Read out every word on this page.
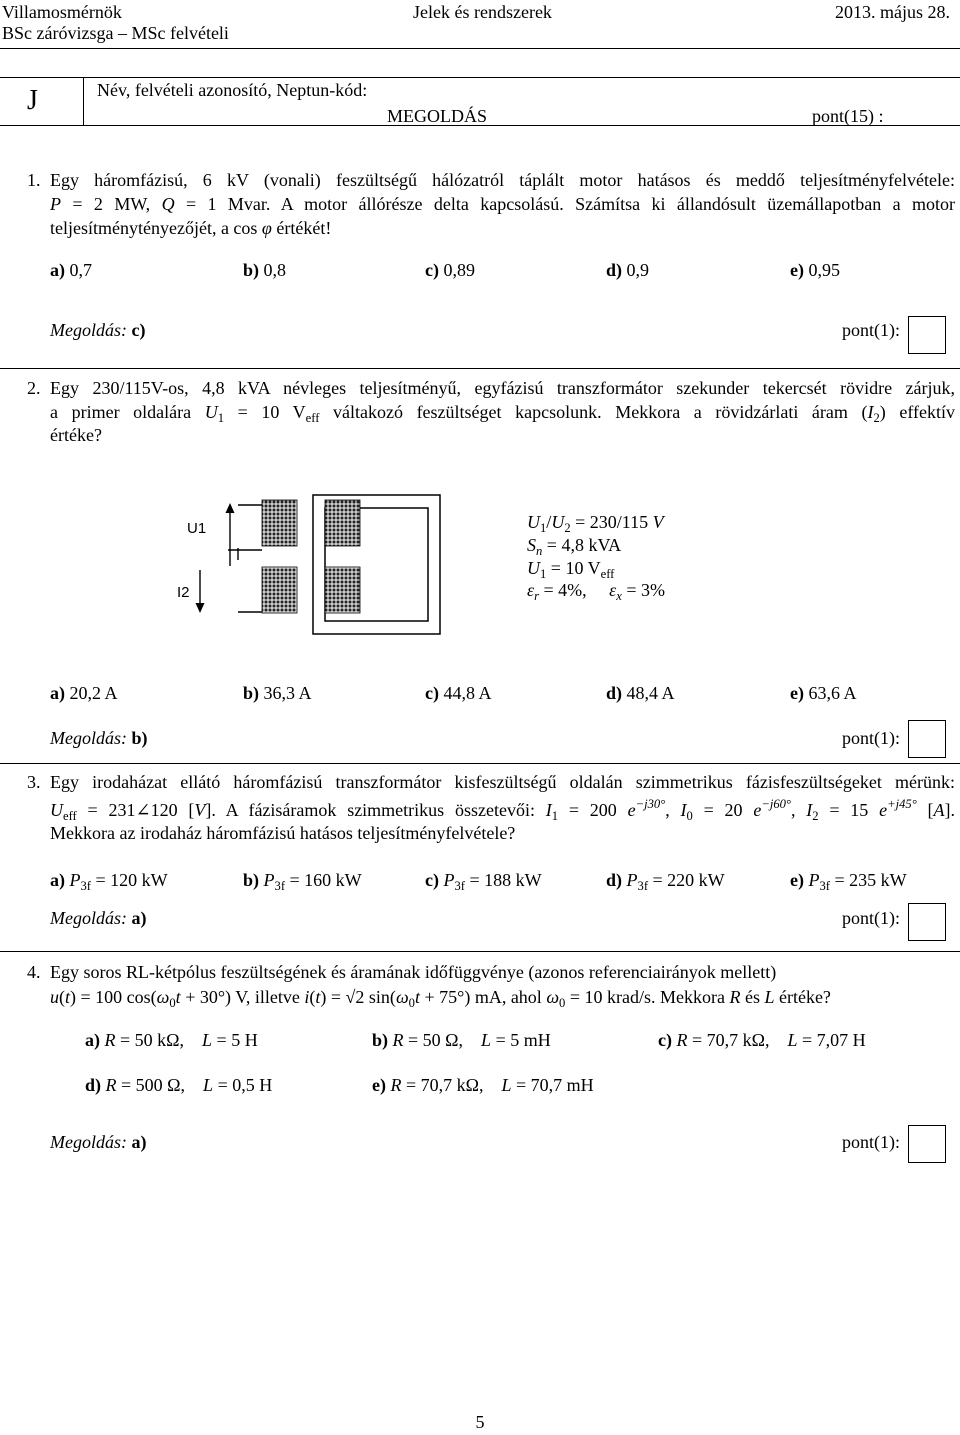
Villamosmérnök
BSc záróvizsga – MSc felvételi
Jelek és rendszerek	2013. május 28.
J	Név, felvételi azonosító, Neptun-kód:
MEGOLDÁS	pont(15) :
1. Egy háromfázisú, 6 kV (vonali) feszültségű hálózatról táplált motor hatásos és meddő teljesítményfelvétele:
P = 2 MW, Q = 1 Mvar. A motor állórésze delta kapcsolású. Számítsa ki állandósult üzemállapotban a motor
teljesítménytényezőjét, a cos φ értékét!
a) 0,7	b) 0,8	c) 0,89	d) 0,9	e) 0,95
Megoldás: c)	pont(1):
2. Egy 230/115V-os, 4,8 kVA névleges teljesítményű, egyfázisú transzformátor szekunder tekercsét rövidre zárjuk,
a primer oldalára $U_1 = 10$ $V_{eff}$ váltakozó feszültséget kapcsolunk. Mekkora a rövidzárlati áram $(I_2)$ effektív
értéke?
U1
I2
$U_1/U_2 = 230/115$ V
$S_n = 4,8$ kVA
$U_1 = 10$ $V_{eff}$
$\varepsilon_r = 4\%$,  $\varepsilon_x = 3\%$
a) 20,2 A	b) 36,3 A	c) 44,8 A	d) 48,4 A	e) 63,6 A
Megoldás: b)	pont(1):
3. Egy irodaházat ellátó háromfázisú transzformátor kisfeszültségű oldalán szimmetrikus fázisfeszültségeket mérünk:
$U_{eff}$ = 231∠120 [V]. A fázisáramok szimmetrikus összetevői: $I_1 = 200$ $e^{-j30^\circ}$, $I_0 = 20$ $e^{-j60^\circ}$, $I_2 = 15$ $e^{+j45^\circ}$ [A].
Mekkora az irodaház háromfázisú hatásos teljesítményfelvétele?
a) $P_{3f} = 120$ kW	b) $P_{3f} = 160$ kW	c) $P_{3f} = 188$ kW	d) $P_{3f} = 220$ kW	e) $P_{3f} = 235$ kW
Megoldás: a)	pont(1):
4. Egy soros RL-kétpólus feszültségének és áramának időfüggvénye (azonos referenciairányok mellett)
u(t) = 100 $\cos(\omega_0t + 30^\circ)$ V, illetve i(t) = √2 $\sin(\omega_0t + 75^\circ)$ mA, ahol $\omega_0 = 10$ krad/s. Mekkora R és L értéke?
a) R = 50 kΩ, L = 5 H	b) R = 50 Ω, L = 5 mH	c) R = 70,7 kΩ, L = 7,07 H
d) R = 500 Ω, L = 0,5 H	e) R = 70,7 kΩ, L = 70,7 mH
Megoldás: a)	pont(1):
5
